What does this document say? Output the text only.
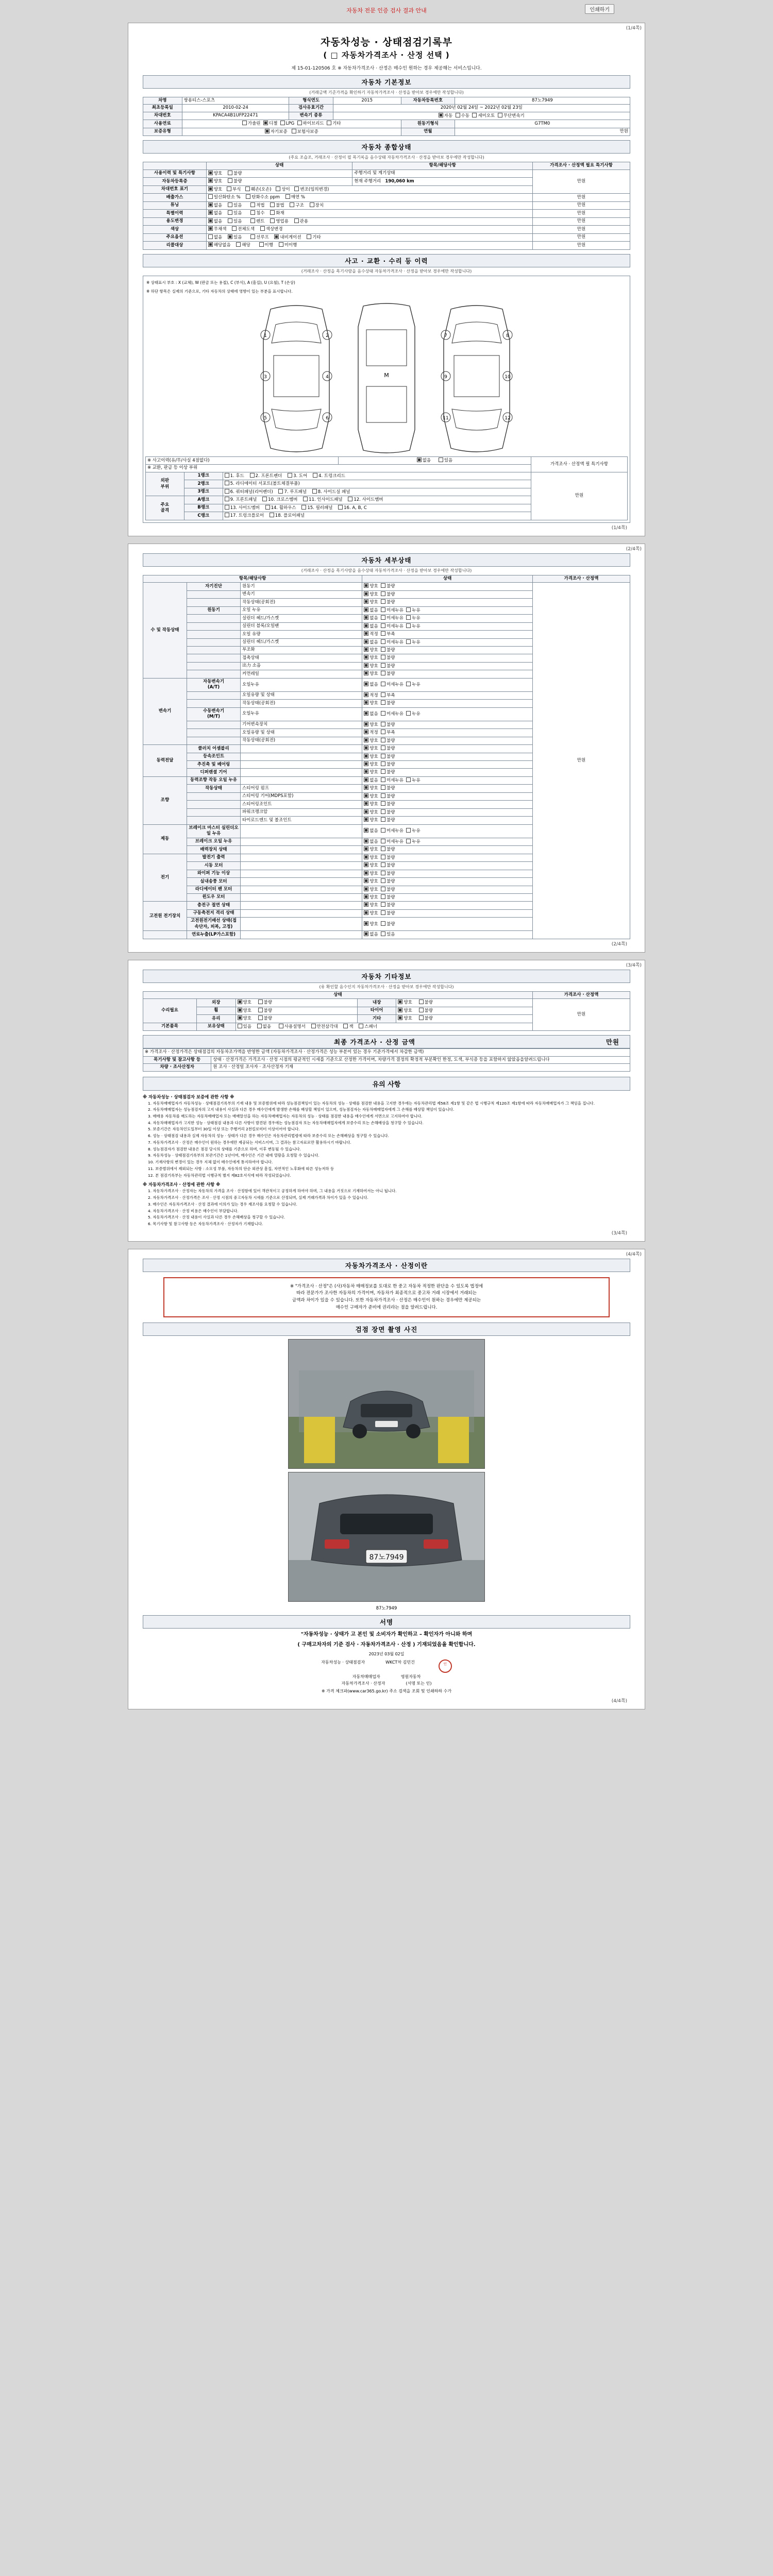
자동차 전문 인증 검사 결과 안내	인쇄하기
(1/4쪽)
자동차성능 · 상태점검기록부
( □ 자동차가격조사 · 산정 선택 )
제 15-01-120506 호 ※ 자동차가격조사 · 산정은 매수인 원하는 경우 제공해는 서비스입니다.
자동차 기본정보
(거래금액 기준가격을 확인하기 자동차가격조사 · 산정을 받아보 경우에만 작성합니다)
차명	쌍용티스-스포츠	형식연도	2015	자동차등록번호	87노7949
최초등록일	2010-02-24	검사유효기간	2020년 02월 24일 ~ 2022년 02월 23일		
차대번호	KPACA4B1UFP22471	변속기 종류	자동 수동 세미오토 무단변속기		
사용연료	가솔린 디젤 LPG 하이브리드 기타			원동기형식	G7TM0
보증유형	자기보증 보험사보증			연월	만원
자동차 종합상태
(주요 조습조, 거래조사 · 산정이 필 목기록을 음수상태 자동차가격조사 · 산정을 받아보 경우에만 작성합니다)
	상태	항목/해당사항	가격조사 · 산정액 필요 특기사항
사용이력 및 특기사항	양호 불량	주행거리 및 계기상태	만원
자동차등록증	양호 불량	현재 주행거리 190,060 km	
차대번호 표기	양호 부식 훼손(오손) 상이 변조(임의변경)		
배출가스	일산화탄소 % 탄화수소 ppm 매연 %		만원
튜닝	없음 있음 적법 불법 구조 장치		만원
특별이력	없음 있음 침수 화재		만원
용도변경	없음 있음 렌트 영업용 관용		만원
색상	무채색 전체도색 색상변경		만원
주요옵션	없음 있음 선루프 내비게이션 기타		만원
리콜대상	해당없음 해당 이행 미이행		만원
사고 · 교환 · 수리 등 이력
(거래조사 · 산정을 목기사람을 음수상태 자동차가격조사 · 산정을 받아보 경우에만 작성합니다)
※ 상태표시 부호 : X (교체), W (판금 또는 용접), C (부식), A (흠집), U (요철), T (손상)
※ 하단 항목은 실제의 기준으로, 기타 자동차의 상태에 영향이 있는 부분을 표시합니다.
1	2
3	4
5	6
M
7	8
9	10
11	12
※ 사고이력(유/무/사실 4점없다)	없음	있음	가격조사 · 산정액 필 특기사항
※ 교환, 판금 등 이상 부위
외판
부위	1랭크	1. 후드 2. 프론트펜더 3. 도어 4. 트렁크리드	만원
	2랭크	5. 라디에이터 서포트(볼트체결부품)	
	3랭크	6. 쿼터패널(리어펜더) 7. 루프패널 8. 사이드실 패널	
주요
골격	A랭크	9. 프론트패널 10. 크로스멤버 11. 인사이드패널 12. 사이드멤버	
	B랭크	13. 사이드멤버 14. 휠하우스 15. 필러패널 16. A, B, C	
	C랭크	17. 트렁크플로어 18. 플로어패널	
(1/4쪽)
(2/4쪽)
자동차 세부상태
(거래조사 · 산정을 목기사람을 음수상태 자동차가격조사 · 산정을 받아보 경우에만 작성합니다)
항목/해당사항			상태	가격조사 · 산정액
수 및 작동상태	자기진단	원동기	양호  불량	만원
		변속기	양호  불량	
		작동상태(공회전)	양호  불량	
	원동기	오일 누유	없음  미세누유  누유	
		실린더 헤드/가스켓	없음  미세누유  누유	
		실린더 블록/오일팬	없음  미세누유  누유	
		오일 유량	적정  부족	
		실린더 헤드/가스켓	없음  미세누유  누유	
		부조화	양호  불량	
		접촉상태	양호  불량	
		出力 소음	양호  불량	
		커먼레일	양호  불량	
변속기	자동변속기
(A/T)	오일누유	없음  미세누유  누유	
		오일유량 및 상태	적정  부족	
		작동상태(공회전)	양호  불량	
	수동변속기
(M/T)	오일누유	없음  미세누유  누유	
		기어변속장치	양호  불량	
		오일유량 및 상태	적정  부족	
		작동상태(공회전)	양호  불량	
동력전달	클러치 어셈블리		양호  불량	
	등속조인트		양호  불량	
	추진축 및 베어링		양호  불량	
	디퍼렌셜 기어		양호  불량	
조향	동력조향 작동 오일 누유		없음  미세누유  누유	
	작동상태	스티어링 펌프	양호  불량	
		스티어링 기어(MDPS포함)	양호  불량	
		스티어링조인트	양호  불량	
		파워크랭크암	양호  불량	
		타이로드엔드 및 볼조인트	양호  불량	
제동	브레이크 마스터 실린더오일 누유		없음  미세누유  누유	
	브레이크 오일 누유		없음  미세누유  누유	
	배력장치 상태		양호  불량	
전기	발전기 출력		양호  불량	
	시동 모터		양호  불량	
	와이퍼 기능 이상		양호  불량	
	실내송풍 모터		양호  불량	
	라디에이터 팬 모터		양호  불량	
	윈도우 모터		양호  불량	
고전원 전기장치	충전구 절연 상태		양호  불량	
	구동축전지 격리 상태		양호  불량	
	고전원전기배선 상태(접속단자, 피복, 고정)		양호  불량	
	연료누출(LP가스포함)		없음  있음	
(2/4쪽)
(3/4쪽)
자동차 기타정보
(유 확인할 음수인지 자동차가격조사 · 산정을 받아보 경우에만 작성합니다)
상태					가격조사 · 산정액
수리필요	외장	양호 불량	내장	양호 불량	만원
	휠	양호 불량	타이어	양호 불량	
	유리	양호 불량	기타	양호 불량	
기본품목	보유상태	있음 없음 사용설명서 안전삼각대 잭 스패너			
최종 가격조사 · 산정 금액	만원
※ 가격조사 · 산정가격은 상태점검의 자동차조가액을 반영한 금액 (자동차가격조사 · 산정가격은 성능 부분이 있는 경우 기준가격에서 차감한 금액)	
목기사항 및 참고사항 등	상태 · 산정가격은 가격조사 · 산정 시점의 평균적인 시세를 기준으로 산정한 가격이며, 차량가격 결정의 확정적 부분확인 한정, 도색, 부식증 등을 포함하지 않았음을알려드립니다
차량 · 조사산정자	원 조사 · 산정일 조사자 · 조사산정자 기재
유의 사항
※ 자동차성능 · 상태점검자 보증에 관한 사항 ※

1. 자동차매매업자가 자동차성능 · 상태점검기록부의 기재 내용 및 보증범위에 따라 성능점검책임이 있는 자동차의 성능 · 상태를 점검한 내용을 고지한 경우에는 자동차관리법 제58조 제1항 및 같은 법 시행규칙 제120조 제1항에 따라 자동차매매업자가 그 책임을 집니다.

2. 자동차매매업자는 성능점검자의 고지 내용이 사실과 다른 경우 매수인에게 발생한 손해를 배상할 책임이 있으며, 성능점검자는 자동차매매업자에게 그 손해를 배상할 책임이 있습니다.

3. 매매용 자동차를 매도하는 자동차매매업자 또는 매매알선을 하는 자동차매매업자는 자동차의 성능 · 상태를 점검한 내용을 매수인에게 서면으로 고지하여야 합니다.

4. 자동차매매업자가 고지한 성능 · 상태점검 내용과 다른 사항이 발견된 경우에는 성능점검자 또는 자동차매매업자에게 보증수리 또는 손해배상을 청구할 수 있습니다.

5. 보증기간은 자동차인도일부터 30일 이상 또는 주행거리 2천킬로미터 이상이어야 합니다.

6. 성능 · 상태점검 내용과 실제 자동차의 성능 · 상태가 다른 경우 매수인은 자동차관리법령에 따라 보증수리 또는 손해배상을 청구할 수 있습니다.

7. 자동차가격조사 · 산정은 매수인이 원하는 경우에만 제공되는 서비스이며, 그 결과는 참고자료로만 활용하시기 바랍니다.

8. 성능점검자가 점검한 내용은 점검 당시의 상태를 기준으로 하며, 이후 변동될 수 있습니다.

9. 자동차성능 · 상태점검기록부의 보관기간은 1년이며, 매수인은 기간 내에 열람을 요청할 수 있습니다.

10. 기재사항의 변경이 있는 경우 지체 없이 매수인에게 통지하여야 합니다.

11. 보증범위에서 제외되는 사항 : 소모성 부품, 자동차의 단순 외관상 흠집, 자연적인 노후화에 따른 성능저하 등

12. 본 점검기록부는 자동차관리법 시행규칙 별지 제82호서식에 따라 작성되었습니다.

※ 자동차가격조사 · 산정에 관한 사항 ※

1. 자동차가격조사 · 산정자는 자동차의 가격을 조사 · 산정함에 있어 객관적이고 공정하게 하여야 하며, 그 내용을 거짓으로 기재하여서는 아니 됩니다.

2. 자동차가격조사 · 산정가격은 조사 · 산정 시점의 중고자동차 시세를 기준으로 산정되며, 실제 거래가격과 차이가 있을 수 있습니다.

3. 매수인은 자동차가격조사 · 산정 결과에 이의가 있는 경우 재조사를 요청할 수 있습니다.

4. 자동차가격조사 · 산정 비용은 매수인이 부담합니다.

5. 자동차가격조사 · 산정 내용이 사실과 다른 경우 손해배상을 청구할 수 있습니다.

6. 목기사항 및 참고사항 등은 자동차가격조사 · 산정자가 기재합니다.

(3/4쪽)
(4/4쪽)
자동차가격조사 · 산정이란
※ "가격조사 · 산정"은 (사)자동차 매매정보를 토대로 한 중고 자동차 적정한 판단을 수 있도록 법정에
따라 전문가가 조사한 자동차의 가격이며, 자동차가 최종적으로 중고차 거래 시장에서 거래되는
금액과 차이가 있을 수 있습니다. 또한 자동차가격조사 · 산정은 매수인이 원하는 경우에만 제공되는
매수인 구매자가 준비에 권리라는 점을 알려드립니다.
검점 장면 촬영 사진
87노7949
87노7949
서명

"자동차성능 · 상태가 고 본인 및 소비자가 확인하고 – 확인자가 아니와 하며

( 구매고차자의 기준 검사 · 자동차가격조사 · 산정 ) 기재되었음을 확인합니다.

2023년 03월 02일

자동차성능 · 상태점검자	WKCT차 김민건	인
자동차매매업자	영원자동차
자동차가격조사 · 산정자	(서명 또는 인)

※ 가격 체크파(www.car365.go.kr) 주소 검색을 조회 및 인쇄하하 수가

(4/4쪽)
